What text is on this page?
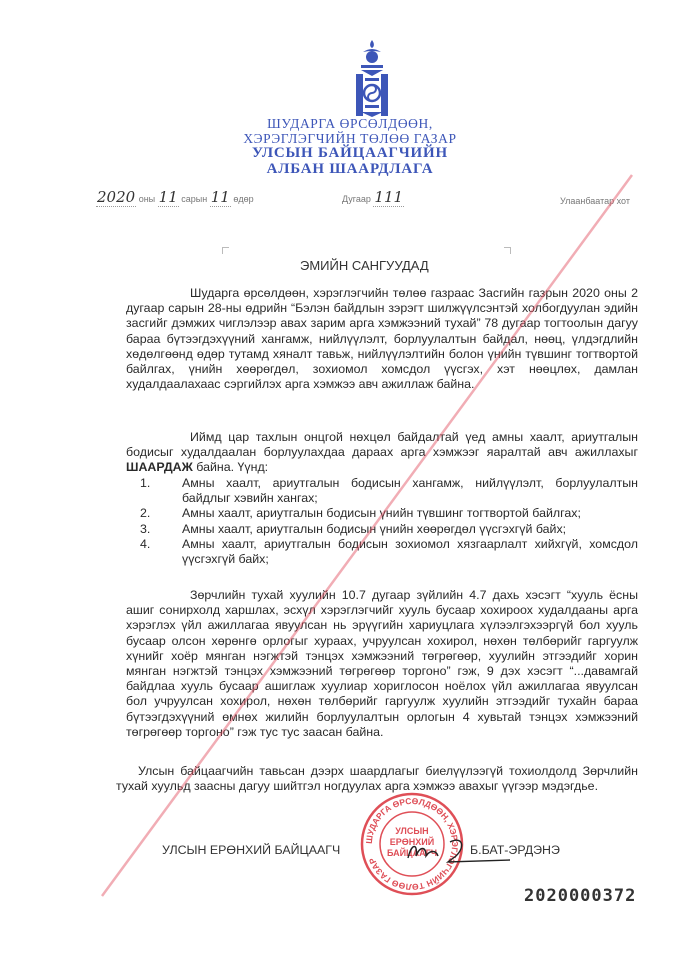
ШУДАРГА ӨРСӨЛДӨӨН,
ХЭРЭГЛЭГЧИЙН ТӨЛӨӨ ГАЗАР
УЛСЫН БАЙЦААГЧИЙН
АЛБАН ШААРДЛАГА
2020 оны 11 сарын 11 өдөр	Дугаар 111	Улаанбаатар хот
ЭМИЙН САНГУУДАД
Шударга өрсөлдөөн, хэрэглэгчийн төлөө газраас Засгийн газрын 2020 оны 2 дугаар сарын 28-ны өдрийн “Бэлэн байдлын зэрэгт шилжүүлсэнтэй холбогдуулан эдийн засгийг дэмжих чиглэлээр авах зарим арга хэмжээний тухай” 78 дугаар тогтоолын дагуу бараа бүтээгдэхүүний хангамж, нийлүүлэлт, борлуулалтын байдал, нөөц, үлдэгдлийн хөдөлгөөнд өдөр тутамд хяналт тавьж, нийлүүлэлтийн болон үнийн түвшинг тогтвортой байлгах, үнийн хөөрөгдөл, зохиомол хомсдол үүсгэх, хэт нөөцлөх, дамлан худалдаалахаас сэргийлэх арга хэмжээ авч ажиллаж байна.
Иймд цар тахлын онцгой нөхцөл байдалтай үед амны хаалт, ариутгалын бодисыг худалдаалан борлуулахдаа дараах арга хэмжээг яаралтай авч ажиллахыг ШААРДАЖ байна. Үүнд:
1.	Амны хаалт, ариутгалын бодисын хангамж, нийлүүлэлт, борлуулалтын байдлыг хэвийн хангах;
2.	Амны хаалт, ариутгалын бодисын үнийн түвшинг тогтвортой байлгах;
3.	Амны хаалт, ариутгалын бодисын үнийн хөөрөгдөл үүсгэхгүй байх;
4.	Амны хаалт, ариутгалын бодисын зохиомол хязгаарлалт хийхгүй, хомсдол үүсгэхгүй байх;
Зөрчлийн тухай хуулийн 10.7 дугаар зүйлийн 4.7 дахь хэсэгт “хууль ёсны ашиг сонирхолд харшлах, эсхүл хэрэглэгчийг хууль бусаар хохироох худалдааны арга хэрэглэх үйл ажиллагаа явуулсан нь эрүүгийн хариуцлага хүлээлгэхээргүй бол хууль бусаар олсон хөрөнгө орлогыг хураах, учруулсан хохирол, нөхөн төлбөрийг гаргуулж хүнийг хоёр мянган нэгжтэй тэнцэх хэмжээний төгрөгөөр, хуулийн этгээдийг хорин мянган нэгжтэй тэнцэх хэмжээний төгрөгөөр торгоно” гэж, 9 дэх хэсэгт “...давамгай байдлаа хууль бусаар ашиглаж хуулиар хориглосон ноёлох үйл ажиллагаа явуулсан бол учруулсан хохирол, нөхөн төлбөрийг гаргуулж хуулийн этгээдийг тухайн бараа бүтээгдэхүүний өмнөх жилийн борлуулалтын орлогын 4 хувьтай тэнцэх хэмжээний төгрөгөөр торгоно” гэж тус тус заасан байна.
Улсын байцаагчийн тавьсан дээрх шаардлагыг биелүүлээгүй тохиолдолд Зөрчлийн тухай хуульд заасны дагуу шийтгэл ногдуулах арга хэмжээ авахыг үүгээр мэдэгдье.
УЛСЫН ЕРӨНХИЙ БАЙЦААГЧ	Б.БАТ-ЭРДЭНЭ
ШУДАРГА ӨРСӨЛДӨӨН, ХЭРЭГЛЭГЧИЙН ТӨЛӨӨ ГАЗАР
УЛСЫН ЕРӨНХИЙ БАЙЦААГЧ
2020000372
